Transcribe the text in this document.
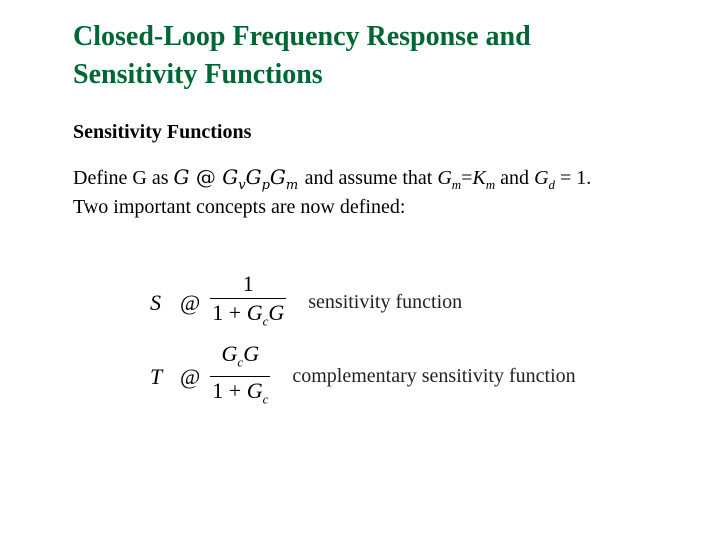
Closed-Loop Frequency Response and
Sensitivity Functions
Sensitivity Functions
Define G as G @ $G_vG_pG_m$ and assume that $G_m=K_m$ and $G_d = 1$.
Two important concepts are now defined:
S @ $\frac{1}{1 + G_cG}$ sensitivity function
T @ $\frac{G_cG}{1 + G_c}$ complementary sensitivity function
